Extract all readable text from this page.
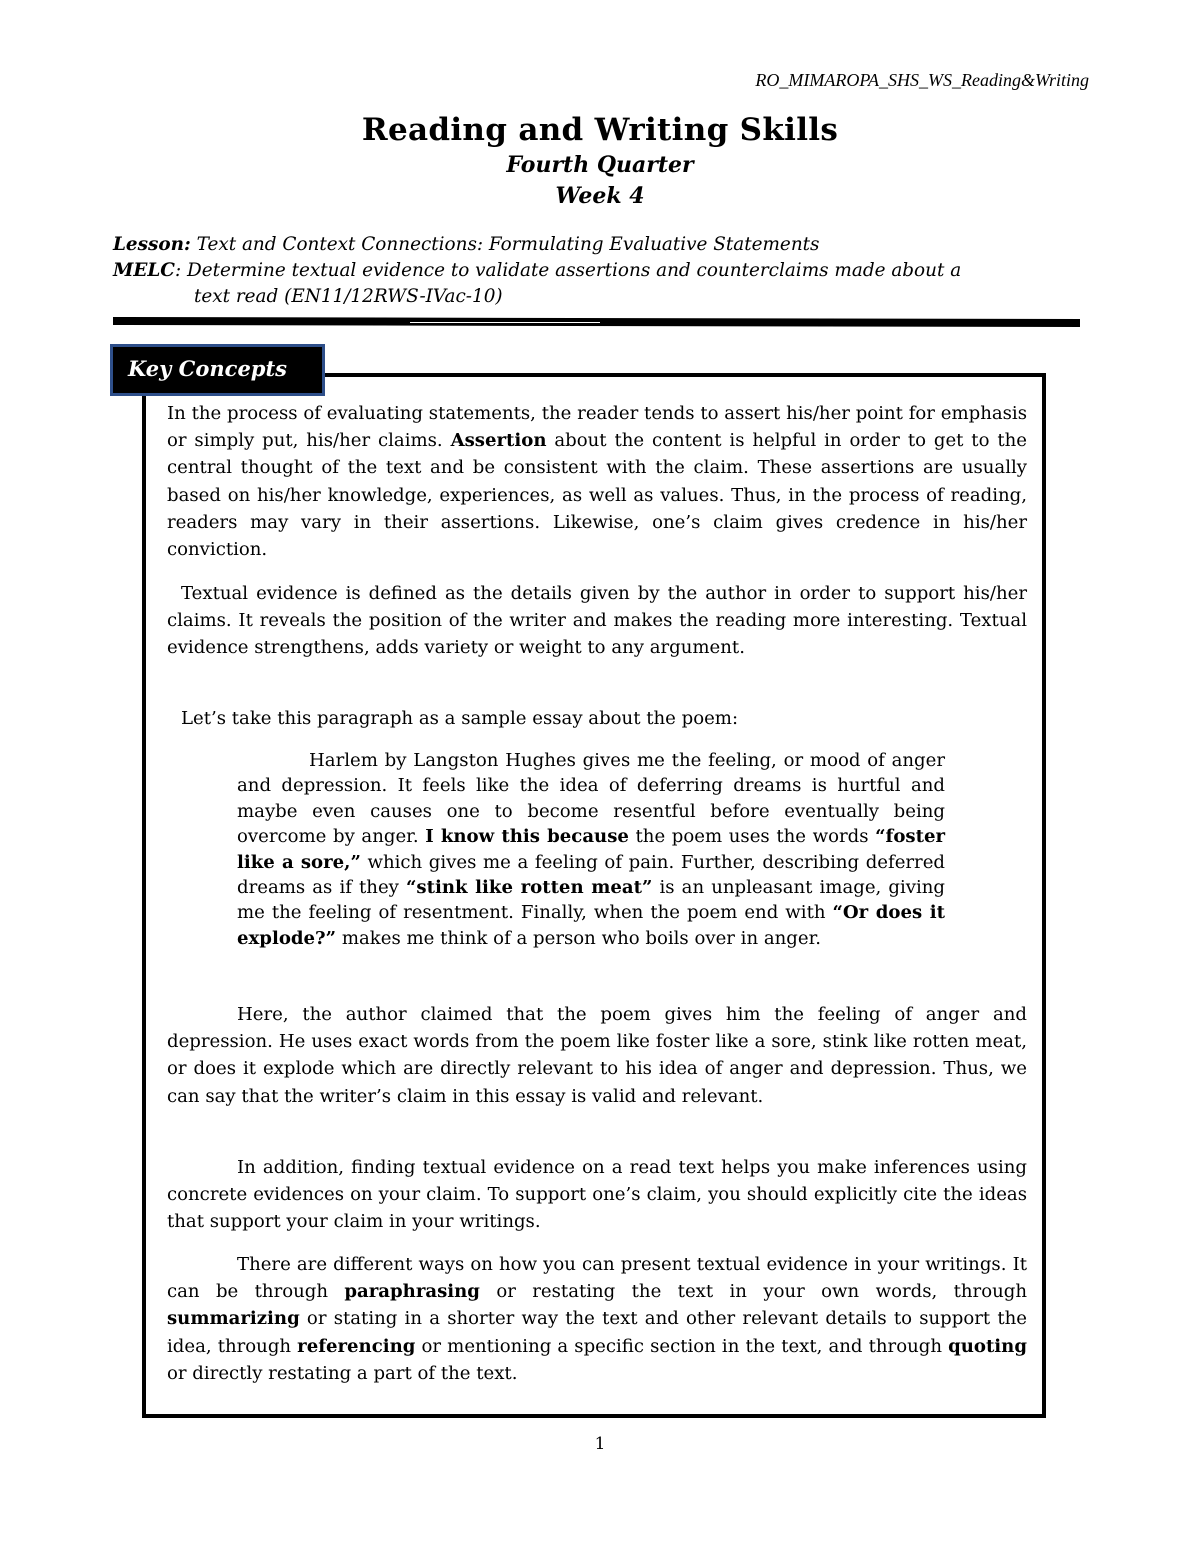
RO_MIMAROPA_SHS_WS_Reading&Writing
Reading and Writing Skills
Fourth Quarter
Week 4
Lesson: Text and Context Connections: Formulating Evaluative Statements
MELC: Determine textual evidence to validate assertions and counterclaims made about a
text read (EN11/12RWS-IVac-10)
Key Concepts
In the process of evaluating statements, the reader tends to assert his/her point for emphasis or simply put, his/her claims. Assertion about the content is helpful in order to get to the central thought of the text and be consistent with the claim. These assertions are usually based on his/her knowledge, experiences, as well as values. Thus, in the process of reading, readers may vary in their assertions. Likewise, one’s claim gives credence in his/her conviction.
Textual evidence is defined as the details given by the author in order to support his/her claims. It reveals the position of the writer and makes the reading more interesting. Textual evidence strengthens, adds variety or weight to any argument.
Let’s take this paragraph as a sample essay about the poem:
Harlem by Langston Hughes gives me the feeling, or mood of anger and depression. It feels like the idea of deferring dreams is hurtful and maybe even causes one to become resentful before eventually being overcome by anger. I know this because the poem uses the words “foster like a sore,” which gives me a feeling of pain. Further, describing deferred dreams as if they “stink like rotten meat” is an unpleasant image, giving me the feeling of resentment. Finally, when the poem end with “Or does it explode?” makes me think of a person who boils over in anger.
Here, the author claimed that the poem gives him the feeling of anger and depression. He uses exact words from the poem like foster like a sore, stink like rotten meat, or does it explode which are directly relevant to his idea of anger and depression. Thus, we can say that the writer’s claim in this essay is valid and relevant.
In addition, finding textual evidence on a read text helps you make inferences using concrete evidences on your claim. To support one’s claim, you should explicitly cite the ideas that support your claim in your writings.
There are different ways on how you can present textual evidence in your writings. It can be through paraphrasing or restating the text in your own words, through summarizing or stating in a shorter way the text and other relevant details to support the idea, through referencing or mentioning a specific section in the text, and through quoting or directly restating a part of the text.
1
